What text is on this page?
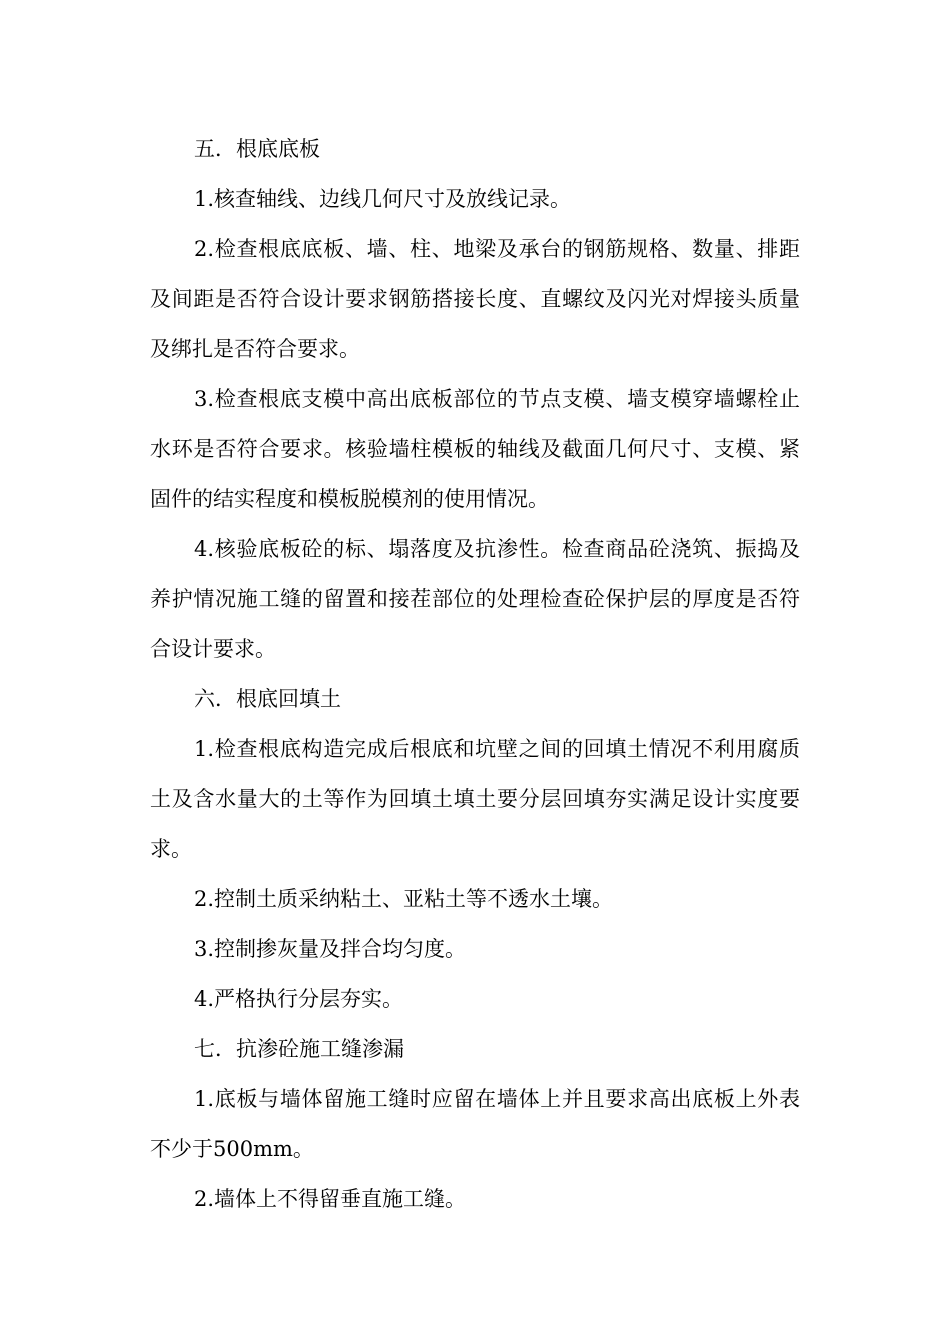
五．根底底板

1.核查轴线、边线几何尺寸及放线记录。

2.检查根底底板、墙、柱、地梁及承台的钢筋规格、数量、排距及间距是否符合设计要求钢筋搭接长度、直螺纹及闪光对焊接头质量及绑扎是否符合要求。

3.检查根底支模中高出底板部位的节点支模、墙支模穿墙螺栓止水环是否符合要求。核验墙柱模板的轴线及截面几何尺寸、支模、紧固件的结实程度和模板脱模剂的使用情况。

4.核验底板砼的标、塌落度及抗渗性。检查商品砼浇筑、振捣及养护情况施工缝的留置和接茬部位的处理检查砼保护层的厚度是否符合设计要求。

六．根底回填土

1.检查根底构造完成后根底和坑壁之间的回填土情况不利用腐质土及含水量大的土等作为回填土填土要分层回填夯实满足设计实度要求。

2.控制土质采纳粘土、亚粘土等不透水土壤。

3.控制掺灰量及拌合均匀度。

4.严格执行分层夯实。

七．抗渗砼施工缝渗漏

1.底板与墙体留施工缝时应留在墙体上并且要求高出底板上外表不少于500mm。

2.墙体上不得留垂直施工缝。
